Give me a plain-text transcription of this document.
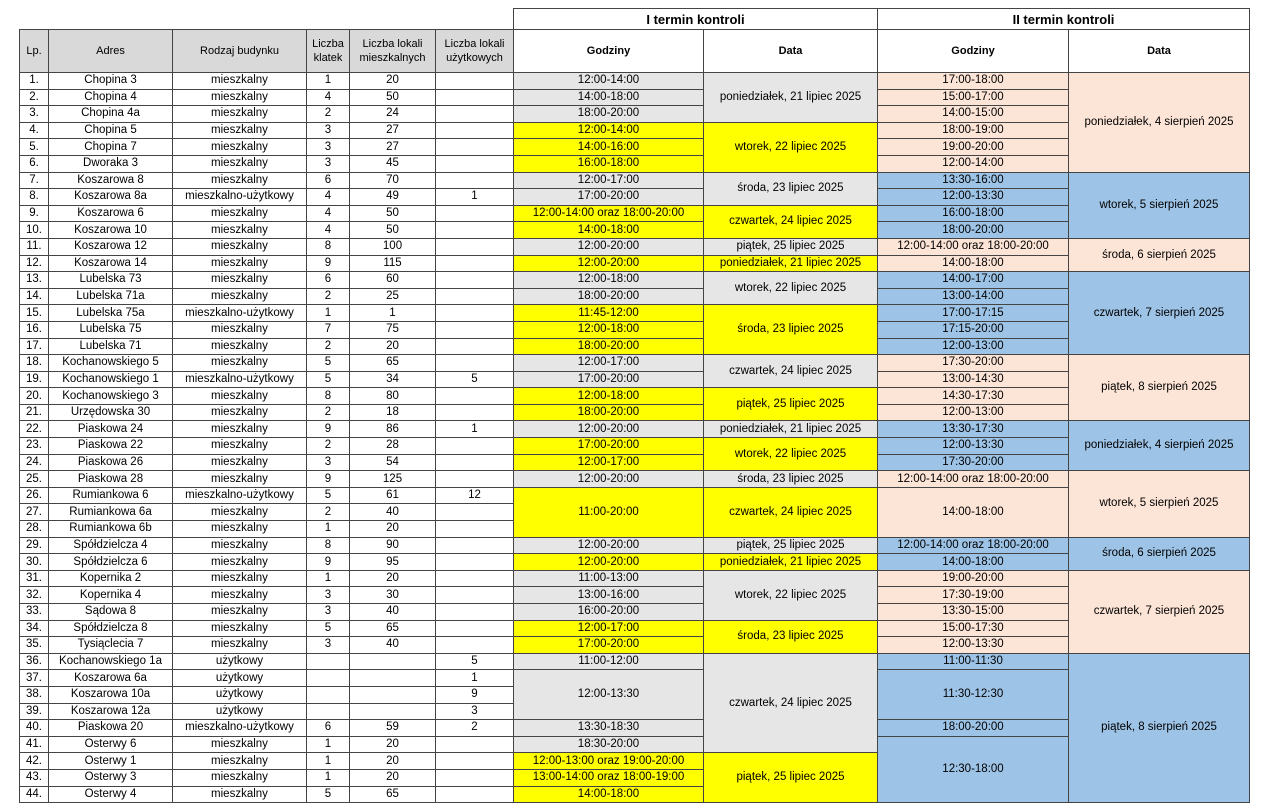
						I termin kontroli		II termin kontroli	
Lp.	Adres	Rodzaj budynku	Liczba klatek	Liczba lokali mieszkalnych	Liczba lokali użytkowych	Godziny	Data	Godziny	Data
1.	Chopina 3	mieszkalny	1	20		12:00-14:00	poniedziałek, 21 lipiec 2025	17:00-18:00	poniedziałek, 4 sierpień 2025
2.	Chopina 4	mieszkalny	4	50		14:00-18:00		15:00-17:00	
3.	Chopina 4a	mieszkalny	2	24		18:00-20:00		14:00-15:00	
4.	Chopina 5	mieszkalny	3	27		12:00-14:00	wtorek, 22 lipiec 2025	18:00-19:00	
5.	Chopina 7	mieszkalny	3	27		14:00-16:00		19:00-20:00	
6.	Dworaka 3	mieszkalny	3	45		16:00-18:00		12:00-14:00	
7.	Koszarowa 8	mieszkalny	6	70		12:00-17:00	środa, 23 lipiec 2025	13:30-16:00	wtorek, 5 sierpień 2025
8.	Koszarowa 8a	mieszkalno-użytkowy	4	49	1	17:00-20:00		12:00-13:30	
9.	Koszarowa 6	mieszkalny	4	50		12:00-14:00 oraz 18:00-20:00	czwartek, 24 lipiec 2025	16:00-18:00	
10.	Koszarowa 10	mieszkalny	4	50		14:00-18:00		18:00-20:00	
11.	Koszarowa 12	mieszkalny	8	100		12:00-20:00	piątek, 25 lipiec 2025	12:00-14:00 oraz 18:00-20:00	środa, 6 sierpień 2025
12.	Koszarowa 14	mieszkalny	9	115		12:00-20:00	poniedziałek, 21 lipiec 2025	14:00-18:00	
13.	Lubelska 73	mieszkalny	6	60		12:00-18:00	wtorek, 22 lipiec 2025	14:00-17:00	czwartek, 7 sierpień 2025
14.	Lubelska 71a	mieszkalny	2	25		18:00-20:00		13:00-14:00	
15.	Lubelska 75a	mieszkalno-użytkowy	1	1		11:45-12:00	środa, 23 lipiec 2025	17:00-17:15	
16.	Lubelska 75	mieszkalny	7	75		12:00-18:00		17:15-20:00	
17.	Lubelska 71	mieszkalny	2	20		18:00-20:00		12:00-13:00	
18.	Kochanowskiego 5	mieszkalny	5	65		12:00-17:00	czwartek, 24 lipiec 2025	17:30-20:00	piątek, 8 sierpień 2025
19.	Kochanowskiego 1	mieszkalno-użytkowy	5	34	5	17:00-20:00		13:00-14:30	
20.	Kochanowskiego 3	mieszkalny	8	80		12:00-18:00	piątek, 25 lipiec 2025	14:30-17:30	
21.	Urzędowska 30	mieszkalny	2	18		18:00-20:00		12:00-13:00	
22.	Piaskowa 24	mieszkalny	9	86	1	12:00-20:00	poniedziałek, 21 lipiec 2025	13:30-17:30	poniedziałek, 4 sierpień 2025
23.	Piaskowa 22	mieszkalny	2	28		17:00-20:00	wtorek, 22 lipiec 2025	12:00-13:30	
24.	Piaskowa 26	mieszkalny	3	54		12:00-17:00		17:30-20:00	
25.	Piaskowa 28	mieszkalny	9	125		12:00-20:00	środa, 23 lipiec 2025	12:00-14:00 oraz 18:00-20:00	wtorek, 5 sierpień 2025
26.	Rumiankowa 6	mieszkalno-użytkowy	5	61	12	11:00-20:00	czwartek, 24 lipiec 2025	14:00-18:00	
27.	Rumiankowa 6a	mieszkalny	2	40					
28.	Rumiankowa 6b	mieszkalny	1	20					
29.	Spółdzielcza 4	mieszkalny	8	90		12:00-20:00	piątek, 25 lipiec 2025	12:00-14:00 oraz 18:00-20:00	środa, 6 sierpień 2025
30.	Spółdzielcza 6	mieszkalny	9	95		12:00-20:00	poniedziałek, 21 lipiec 2025	14:00-18:00	
31.	Kopernika 2	mieszkalny	1	20		11:00-13:00	wtorek, 22 lipiec 2025	19:00-20:00	czwartek, 7 sierpień 2025
32.	Kopernika 4	mieszkalny	3	30		13:00-16:00		17:30-19:00	
33.	Sądowa 8	mieszkalny	3	40		16:00-20:00		13:30-15:00	
34.	Spółdzielcza 8	mieszkalny	5	65		12:00-17:00	środa, 23 lipiec 2025	15:00-17:30	
35.	Tysiąclecia 7	mieszkalny	3	40		17:00-20:00		12:00-13:30	
36.	Kochanowskiego 1a	użytkowy			5	11:00-12:00	czwartek, 24 lipiec 2025	11:00-11:30	piątek, 8 sierpień 2025
37.	Koszarowa 6a	użytkowy			1	12:00-13:30		11:30-12:30	
38.	Koszarowa 10a	użytkowy			9				
39.	Koszarowa 12a	użytkowy			3				
40.	Piaskowa 20	mieszkalno-użytkowy	6	59	2	13:30-18:30		18:00-20:00	
41.	Osterwy 6	mieszkalny	1	20		18:30-20:00		12:30-18:00	
42.	Osterwy 1	mieszkalny	1	20		12:00-13:00 oraz 19:00-20:00	piątek, 25 lipiec 2025		
43.	Osterwy 3	mieszkalny	1	20		13:00-14:00 oraz 18:00-19:00			
44.	Osterwy 4	mieszkalny	5	65		14:00-18:00			
